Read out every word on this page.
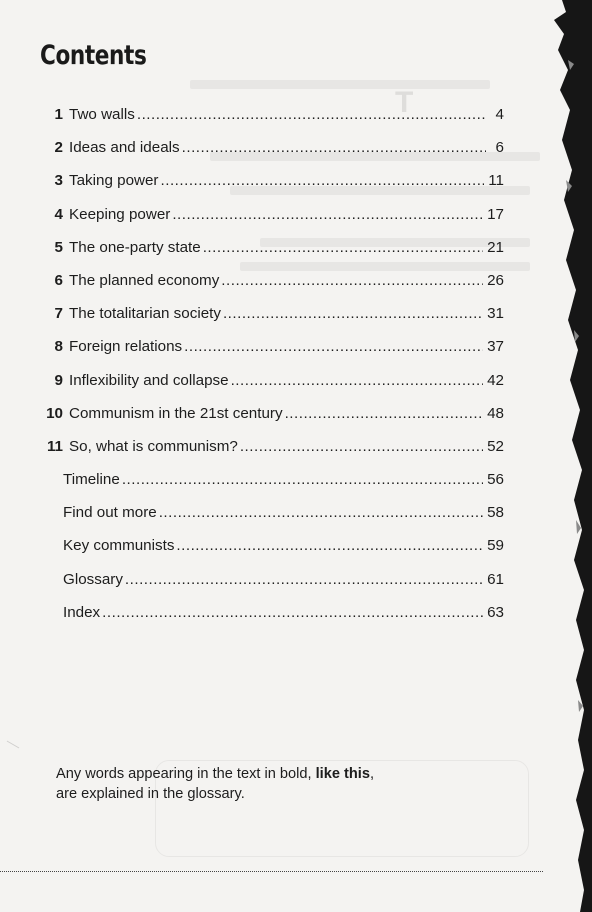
T
Contents
1 Two walls .....	4
2 Ideas and ideals .....	6
3 Taking power .....	11
4 Keeping power .....	17
5 The one-party state .....	21
6 The planned economy .....	26
7 The totalitarian society .....	31
8 Foreign relations .....	37
9 Inflexibility and collapse .....	42
10 Communism in the 21st century .....	48
11 So, what is communism? .....	52
Timeline .....	56
Find out more .....	58
Key communists .....	59
Glossary .....	61
Index .....	63

Any words appearing in the text in bold, like this,
are explained in the glossary.
